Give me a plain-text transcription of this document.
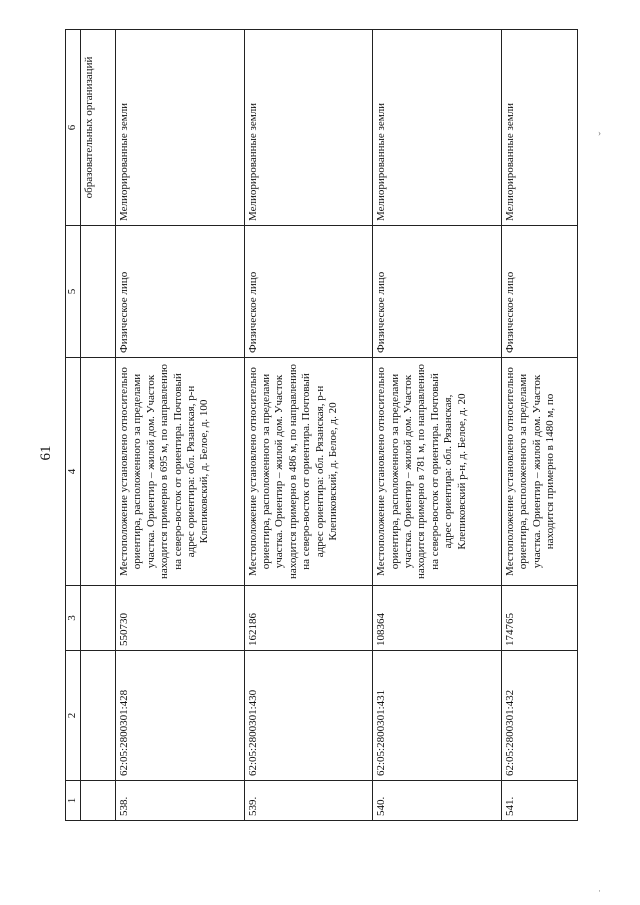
61
1	2	3	4	5	6
					образовательных организаций
538.	62:05:2800301:428	550730	Местоположение установлено относительно ориентира, расположенного за пределами участка. Ориентир – жилой дом. Участок находится примерно в 695 м, по направлению на северо-восток от ориентира. Почтовый адрес ориентира: обл. Рязанская, р-н Клепиковский, д. Белое, д. 100	Физическое лицо	Мелиорированные земли
539.	62:05:2800301:430	162186	Местоположение установлено относительно ориентира, расположенного за пределами участка. Ориентир – жилой дом. Участок находится примерно в 486 м, по направлению на северо-восток от ориентира. Почтовый адрес ориентира: обл. Рязанская, р-н Клепиковский, д. Белое, д. 20	Физическое лицо	Мелиорированные земли
540.	62:05:2800301:431	108364	Местоположение установлено относительно ориентира, расположенного за пределами участка. Ориентир – жилой дом. Участок находится примерно в 781 м, по направлению на северо-восток от ориентира. Почтовый адрес ориентира: обл. Рязанская, Клепиковский р-н, д. Белое, д. 20	Физическое лицо	Мелиорированные земли
541.	62:05:2800301:432	174765	Местоположение установлено относительно ориентира, расположенного за пределами участка. Ориентир – жилой дом. Участок находится примерно в 1480 м, по	Физическое лицо	Мелиорированные земли	›
·
